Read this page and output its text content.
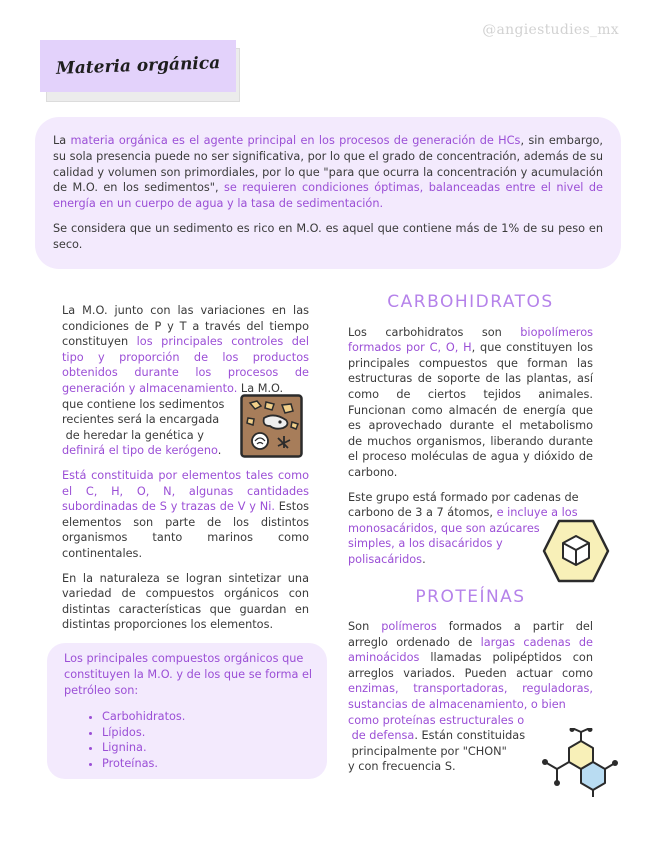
@angiestudies_mx
Materia orgánica

La materia orgánica es el agente principal en los procesos de generación de HCs, sin embargo, su sola presencia puede no ser significativa, por lo que el grado de concentración, además de su calidad y volumen son primordiales, por lo que "para que ocurra la concentración y acumulación de M.O. en los sedimentos", se requieren condiciones óptimas, balanceadas entre el nivel de energía en un cuerpo de agua y la tasa de sedimentación.

Se considera que un sedimento es rico en M.O. es aquel que contiene más de 1% de su peso en seco.

La M.O. junto con las variaciones en las condiciones de P y T a través del tiempo constituyen los principales controles del tipo y proporción de los productos obtenidos durante los procesos de generación y almacenamiento. La M.O.

que contiene los sedimentos
recientes será la encargada
de heredar la genética y
definirá el tipo de kerógeno.

Está constituida por elementos tales como el C, H, O, N, algunas cantidades subordinadas de S y trazas de V y Ni. Estos elementos son parte de los distintos organismos tanto marinos como continentales.

En la naturaleza se logran sintetizar una variedad de compuestos orgánicos con distintas características que guardan en distintas proporciones los elementos.

Los principales compuestos orgánicos que constituyen la M.O. y de los que se forma el petróleo son:
• Carbohidratos.
• Lípidos.
• Lignina.
• Proteínas.
CARBOHIDRATOS

Los carbohidratos son biopolímeros formados por C, O, H, que constituyen los principales compuestos que forman las estructuras de soporte de las plantas, así como de ciertos tejidos animales. Funcionan como almacén de energía que es aprovechado durante el metabolismo de muchos organismos, liberando durante el proceso moléculas de agua y dióxido de carbono.

Este grupo está formado por cadenas de
carbono de 3 a 7 átomos, e incluye a los
monosacáridos, que son azúcares
simples, a los disacáridos y
polisacáridos.

PROTEÍNAS

Son polímeros formados a partir del arreglo ordenado de largas cadenas de aminoácidos llamadas polipéptidos con arreglos variados. Pueden actuar como enzimas, transportadoras, reguladoras, sustancias de almacenamiento, o bien

como proteínas estructurales o
de defensa. Están constituidas
principalmente por "CHON"
y con frecuencia S.
